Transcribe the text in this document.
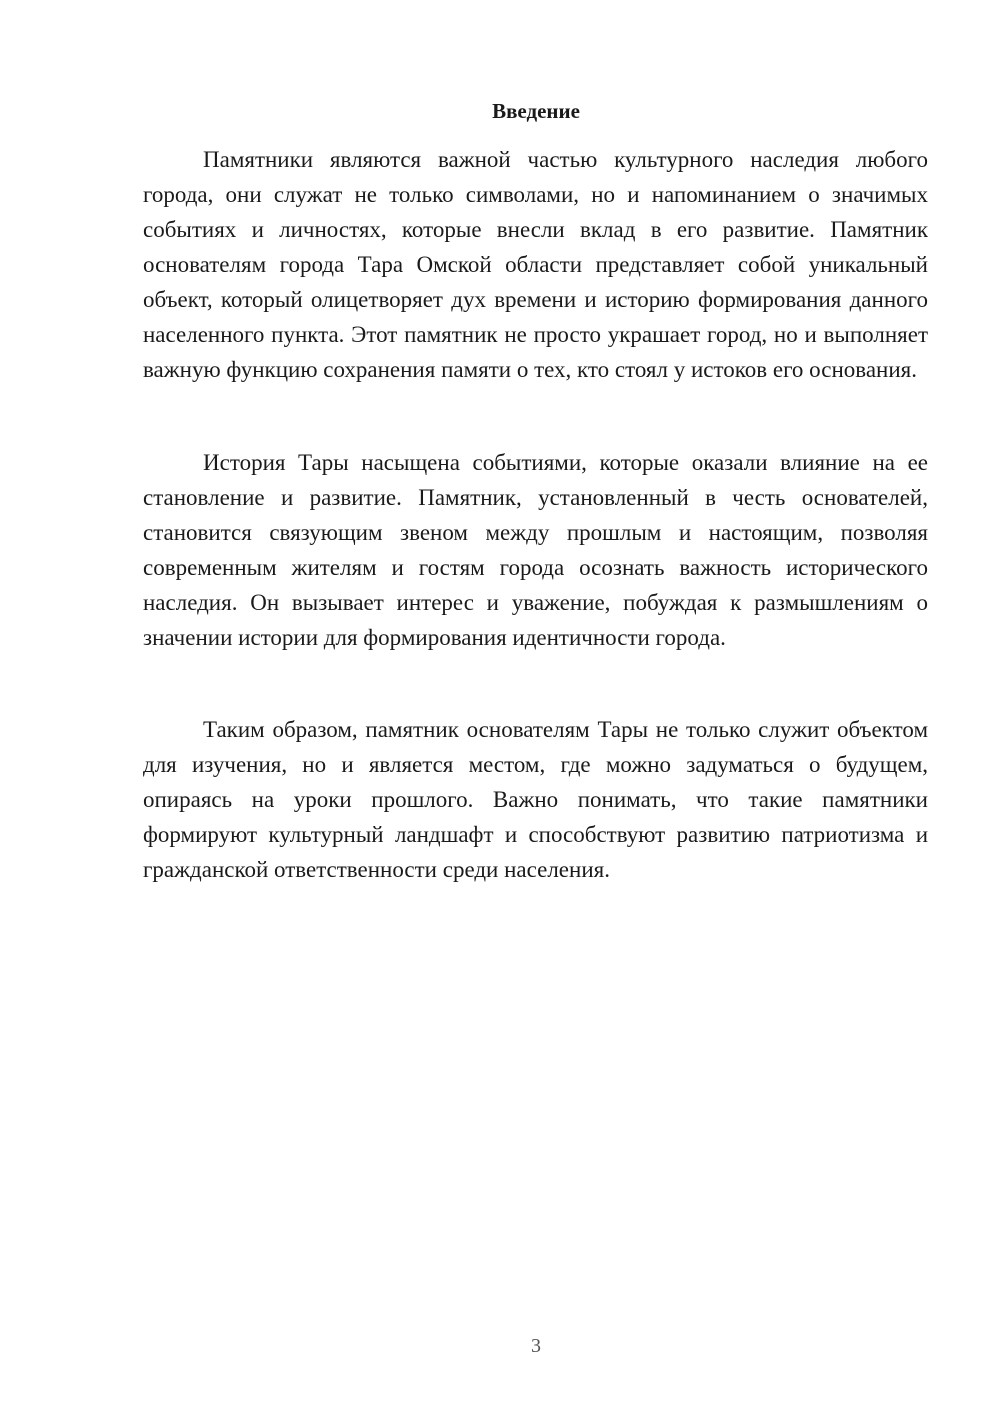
Введение

Памятники являются важной частью культурного наследия любого города, они служат не только символами, но и напоминанием о значимых событиях и личностях, которые внесли вклад в его развитие. Памятник основателям города Тара Омской области представляет собой уникальный объект, который олицетворяет дух времени и историю формирования данного населенного пункта. Этот памятник не просто украшает город, но и выполняет важную функцию сохранения памяти о тех, кто стоял у истоков его основания.

История Тары насыщена событиями, которые оказали влияние на ее становление и развитие. Памятник, установленный в честь основателей, становится связующим звеном между прошлым и настоящим, позволяя современным жителям и гостям города осознать важность исторического наследия. Он вызывает интерес и уважение, побуждая к размышлениям о значении истории для формирования идентичности города.

Таким образом, памятник основателям Тары не только служит объектом для изучения, но и является местом, где можно задуматься о будущем, опираясь на уроки прошлого. Важно понимать, что такие памятники формируют культурный ландшафт и способствуют развитию патриотизма и гражданской ответственности среди населения.

3
